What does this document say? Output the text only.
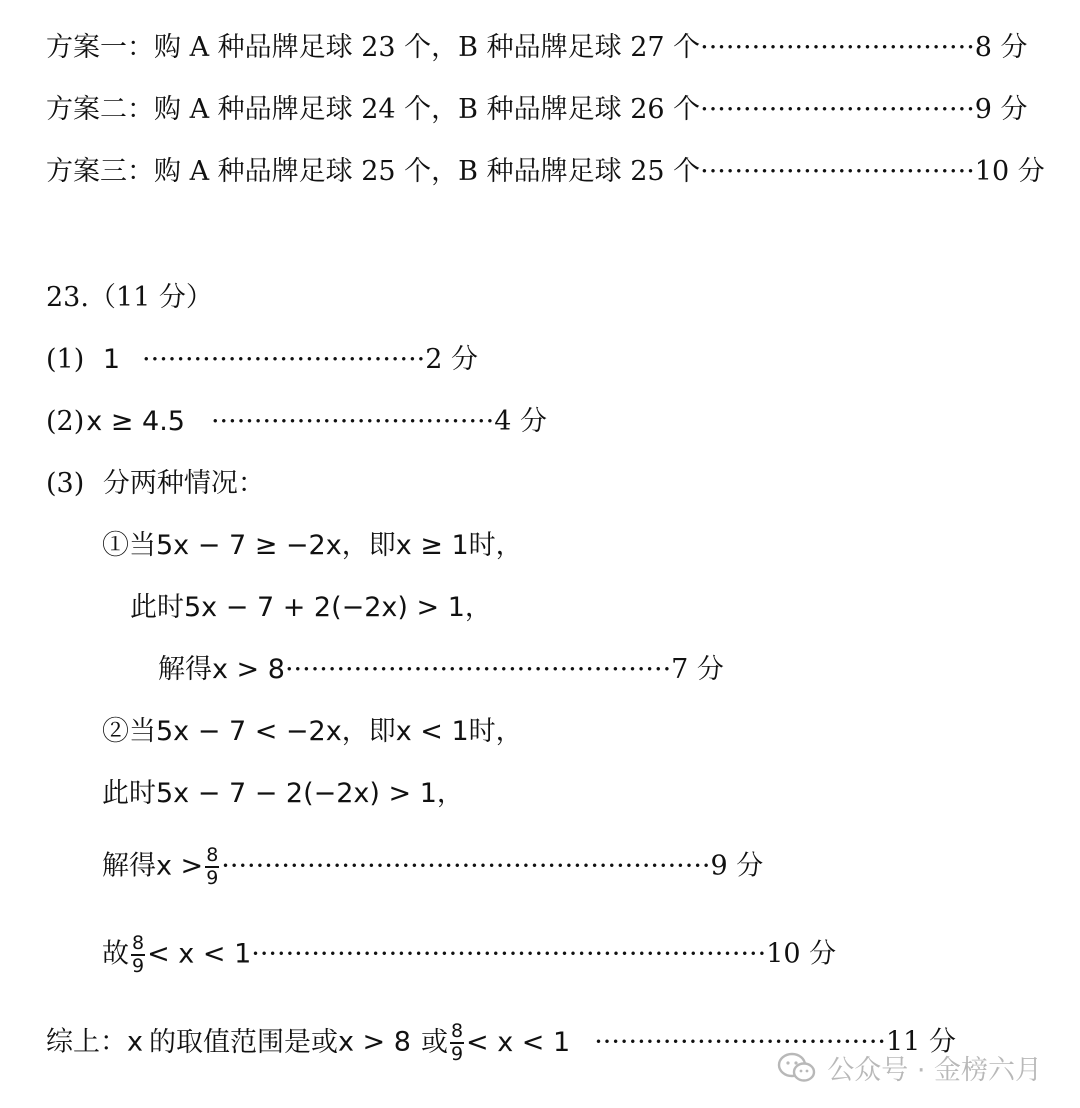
方案一：购 A 种品牌足球 23 个，B 种品牌足球 27 个································8 分
方案二：购 A 种品牌足球 24 个，B 种品牌足球 26 个································9 分
方案三：购 A 种品牌足球 25 个，B 种品牌足球 25 个································10 分
23.（11 分）
(1) 1 ·································2 分
(2)x ≥ 4.5 ·································4 分
(3) 分两种情况：
①当5x − 7 ≥ −2x，即x ≥ 1时，
此时5x − 7 + 2(−2x) > 1，
解得x > 8·············································7 分
②当5x − 7 < −2x，即x < 1时，
此时5x − 7 − 2(−2x) > 1，
解得$x > \frac{8}{9} \cdot\cdot\cdot\cdot\cdot\cdot\cdot\cdot\cdot\cdot\cdot\cdot\cdot\cdot\cdot\cdot\cdot\cdot\cdot\cdot\cdot\cdot\cdot\cdot\cdot\cdot\cdot\cdot\cdot\cdot\cdot\cdot\cdot\cdot\cdot\cdot\cdot\cdot\cdot\cdot\cdot\cdot\cdot\cdot\cdot\cdot\cdot\cdot\cdot\cdot\cdot\cdot\cdot\cdot\cdot\cdot\cdot 9$ 分
故 $\frac{8}{9} < x < 1\cdot\cdot\cdot\cdot\cdot\cdot\cdot\cdot\cdot\cdot\cdot\cdot\cdot\cdot\cdot\cdot\cdot\cdot\cdot\cdot\cdot\cdot\cdot\cdot\cdot\cdot\cdot\cdot\cdot\cdot\cdot\cdot\cdot\cdot\cdot\cdot\cdot\cdot\cdot\cdot\cdot\cdot\cdot\cdot\cdot\cdot\cdot\cdot\cdot\cdot\cdot\cdot\cdot\cdot\cdot\cdot\cdot\cdot\cdot\cdot 10$ 分
综上：x 的取值范围是或x > 8 或 $\frac{8}{9} < x < 1 \cdot\cdot\cdot\cdot\cdot\cdot\cdot\cdot\cdot\cdot\cdot\cdot\cdot\cdot\cdot\cdot\cdot\cdot\cdot\cdot\cdot\cdot\cdot\cdot\cdot\cdot\cdot\cdot\cdot\cdot\cdot\cdot\cdot\cdot 11$ 分
公众号 · 金榜六月
